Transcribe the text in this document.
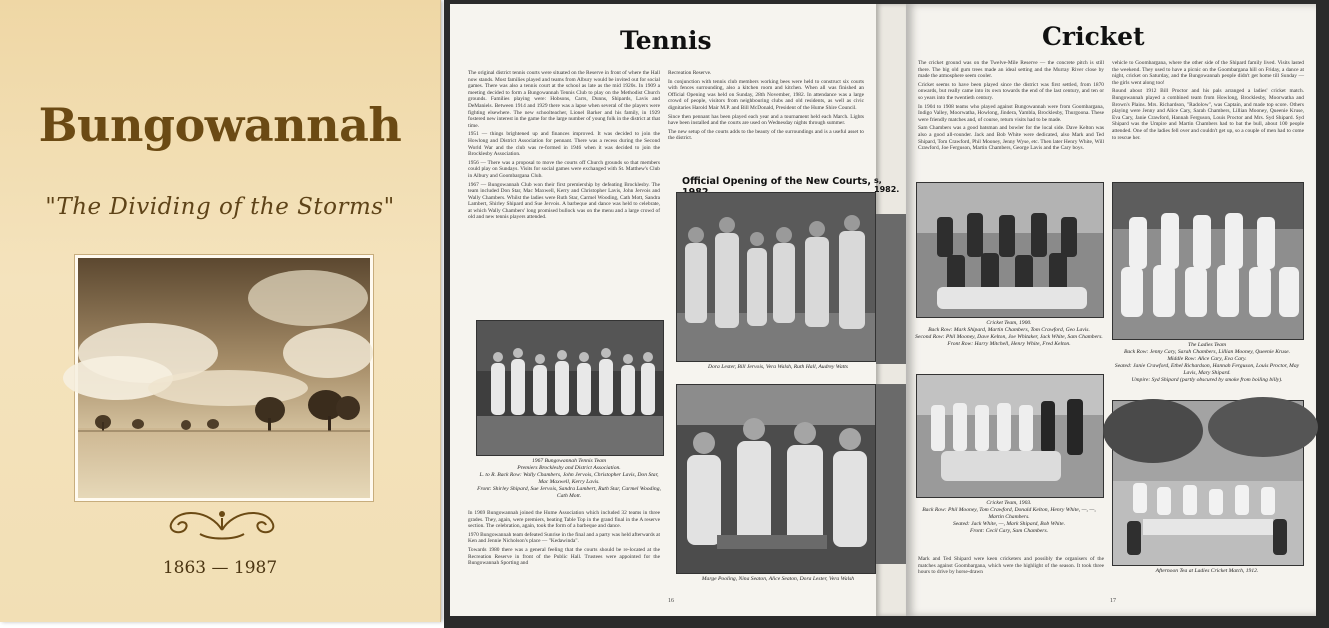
Bungowannah
"The Dividing of the Storms"
1863 — 1987
Tennis

The original district tennis courts were situated on the Reserve in front of where the Hall now stands. Most families played and teams from Albury would be invited out for social games. There was also a tennis court at the school as late as the mid 1920s. In 1909 a meeting decided to form a Bungowannah Tennis Club to play on the Methodist Church grounds. Families playing were: Hobsons, Carrs, Dunns, Shipards, Lavis and DeManiels. Between 1914 and 1929 there was a lapse when several of the players were fighting elsewhere. The new schoolteacher, Lionel Barker and his family, in 1929 fostered new interest in the game for the large number of young folk in the district at that time.

1951 — things brightened up and finances improved. It was decided to join the Howlong and District Association for pennant. There was a recess during the Second World War and the club was re-formed in 1946 when it was decided to join the Brocklesby Association.

1956 — There was a proposal to move the courts off Church grounds so that members could play on Sundays. Visits for social games were exchanged with St. Matthew's Club in Albury and Goombargana Club.

1967 — Bungowannah Club won their first premiership by defeating Brocklesby. The team included Don Star, Mac Maxwell, Kerry and Christopher Lavis, John Jervois and Wally Chambers. Whilst the ladies were Ruth Star, Carmel Wooding, Cath Mott, Sandra Lambert, Shirley Shipard and Sue Jervois. A barbeque and dance was held to celebrate, at which Wally Chambers' long promised bullock was on the menu and a large crowd of old and new tennis players attended.

1967 Bungowannah Tennis Team
Premiers Brocklesby and District Association.
L. to R. Back Row: Wally Chambers, John Jervois, Christopher Lavis, Don Star, Mac Maxwell, Kerry Lavis.
Front: Shirley Shipard, Sue Jervois, Sandra Lambert, Ruth Star, Carmel Wooding, Cath Mott.

In 1969 Bungowannah joined the Hume Association which included 32 teams in three grades. They, again, were premiers, beating Table Top in the grand final in the A reserve section. The celebration, again, took the form of a barbeque and dance.

1970 Bungowannah team defeated Sunrise in the final and a party was held afterwards at Ken and Jennie Nicholson's place — "Kedawinda".

Towards 1980 there was a general feeling that the courts should be re-located at the Recreation Reserve in front of the Public Hall. Trustees were appointed for the Bungowannah Sporting and

Recreation Reserve.

In conjunction with tennis club members working bees were held to construct six courts with fences surrounding, also a kitchen room and kitchen. When all was finished an Official Opening was held on Sunday, 28th November, 1982. In attendance was a large crowd of people, visitors from neighbouring clubs and old residents, as well as civic dignitaries Harold Mair M.P. and Bill McDonald, President of the Hume Shire Council.

Since then pennant has been played each year and a tournament held each March. Lights have been installed and the courts are used on Wednesday nights through summer.

The new setup of the courts adds to the beauty of the surroundings and is a useful asset to the district.

Official Opening of the New Courts,
Dora Lester, Bill Jervois, Vera Walsh, Ruth Hall, Audrey Watts
Marge Pooling, Nina Seaton, Alice Seaton, Dora Lester, Vera Walsh
16
s, 1982.
Cricket

The cricket ground was on the Twelve-Mile Reserve — the concrete pitch is still there. The big old gum trees made an ideal setting and the Murray River close by made the atmosphere seem cooler.

Cricket seems to have been played since the district was first settled, from 1870 onwards, but really came into its own towards the end of the last century, and ten or so years into the twentieth century.

In 1904 to 1908 teams who played against Bungowannah were from Goombargana, Indigo Valley, Moorwatha, Howlong, Jindera, Yambla, Brocklesby, Thurgoona. These were friendly matches and, of course, return visits had to be made.

Sam Chambers was a good batsman and bowler for the local side. Dave Kelton was also a good all-rounder. Jack and Bob White were dedicated, also Mark and Ted Shipard, Tom Crawford, Phil Mooney, Jenny Wyse, etc. Then later Henry White, Will Crawford, Joe Ferguson, Martin Chambers, George Lavis and the Cary boys.

vehicle to Goombargana, where the other side of the Shipard family lived. Visits lasted the weekend. They used to have a picnic on the Goombargana hill on Friday, a dance at night, cricket on Saturday, and the Bungowannah people didn't get home till Sunday — the girls went along too!

Round about 1912 Bill Proctor and his pals arranged a ladies' cricket match. Bungowannah played a combined team from Howlong, Brocklesby, Moorwatha and Brown's Plains. Mrs. Richardson, "Radolow", was Captain, and made top score. Others playing were Jenny and Alice Cary, Sarah Chambers, Lillian Mooney, Queenie Kruse, Eva Cary, Janie Crawford, Hannah Ferguson, Louis Proctor and Mrs. Syd Shipard. Syd Shipard was the Umpire and Martin Chambers had to bat the bull, about 100 people attended. One of the ladies fell over and couldn't get up, so a couple of men had to come to rescue her.

Cricket Team, 1900.
Back Row: Mark Shipard, Martin Chambers, Tom Crawford, Geo Lavis.
Second Row: Phil Mooney, Dave Kelton, Joe Whitaker, Jack White, Sam Chambers.
Front Row: Harry Mitchell, Henry White, Fred Kelton.
Cricket Team, 1903.
Back Row: Phil Mooney, Tom Crawford, Donald Kelton, Henry White, —, —, Martin Chambers.
Seated: Jack White, —, Mark Shipard, Bob White.
Front: Cecil Cary, Sam Chambers.

Mark and Ted Shipard were keen cricketers and possibly the organisers of the matches against Goombargana, which were the highlight of the season. It took three hours to drive by horse-drawn

The Ladies Team
Back Row: Jenny Cary, Sarah Chambers, Lillian Mooney, Queenie Kruse.
Middle Row: Alice Cary, Eva Cary.
Seated: Janie Crawford, Ethel Richardson, Hannah Ferguson, Louis Proctor, May Lavis, Mary Shipard.
Umpire: Syd Shipard (partly obscured by smoke from boiling billy).
Afternoon Tea at Ladies Cricket Match, 1912.
17
